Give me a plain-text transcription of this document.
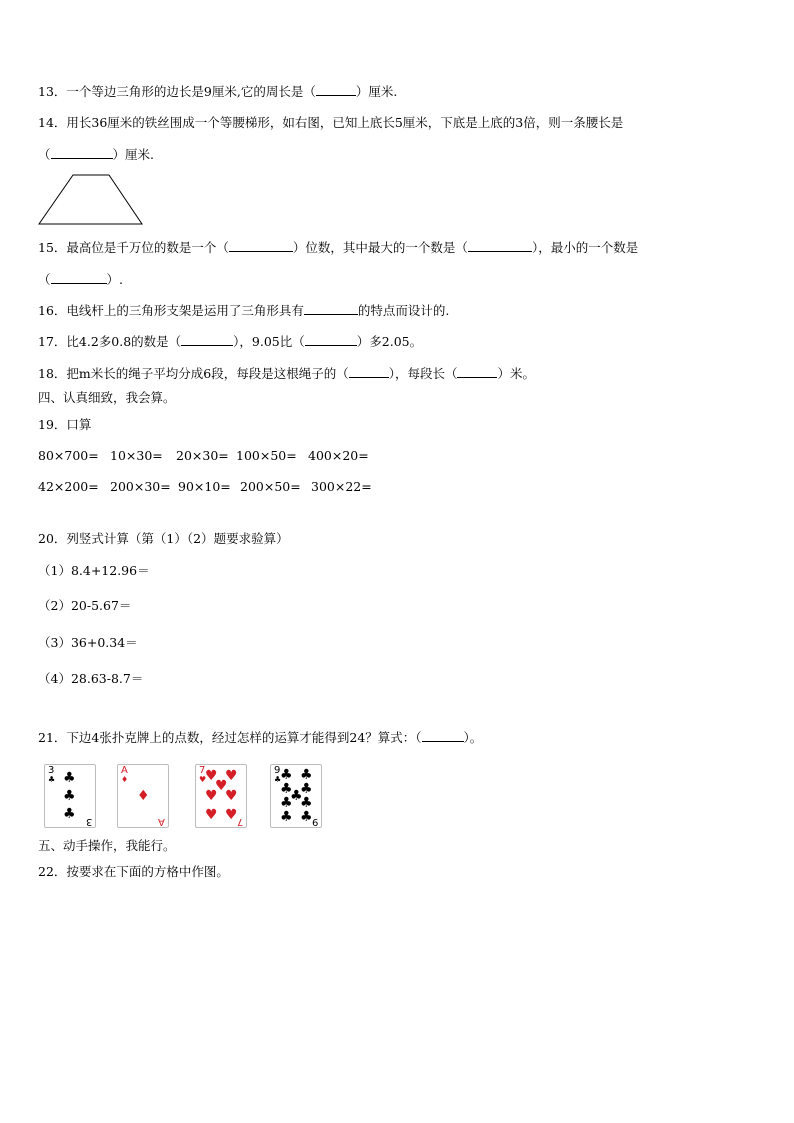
13．一个等边三角形的边长是9厘米,它的周长是（	）厘米.
14．用长36厘米的铁丝围成一个等腰梯形，如右图，已知上底长5厘米，下底是上底的3倍，则一条腰长是
（	）厘米.
15．最高位是千万位的数是一个（	）位数，其中最大的一个数是（	），最小的一个数是
（	）.
16．电线杆上的三角形支架是运用了三角形具有	的特点而设计的.
17．比4.2多0.8的数是（	），9.05比（	）多2.05。
18．把m米长的绳子平均分成6段，每段是这根绳子的（	），每段长（	）米。
四、认真细致，我会算。
19．口算
80×700= 10×30= 20×30= 100×50= 400×20=
42×200= 200×30= 90×10= 200×50= 300×22=
20．列竖式计算（第（1）（2）题要求验算）
（1）8.4+12.96＝
（2）20-5.67＝
（3）36+0.34＝
（4）28.63-8.7＝
21．下边4张扑克牌上的点数，经过怎样的运算才能得到24？算式：（	）。
3
♣ ♣
♣
♣ 3
A
♦
♦
A
7
♥
♥ ♥
♥
♥ ♥
♥ ♥ 7
9
♣
♣ ♣
♣ ♣
♣
♣ ♣
♣ ♣ 9
五、动手操作，我能行。
22．按要求在下面的方格中作图。
